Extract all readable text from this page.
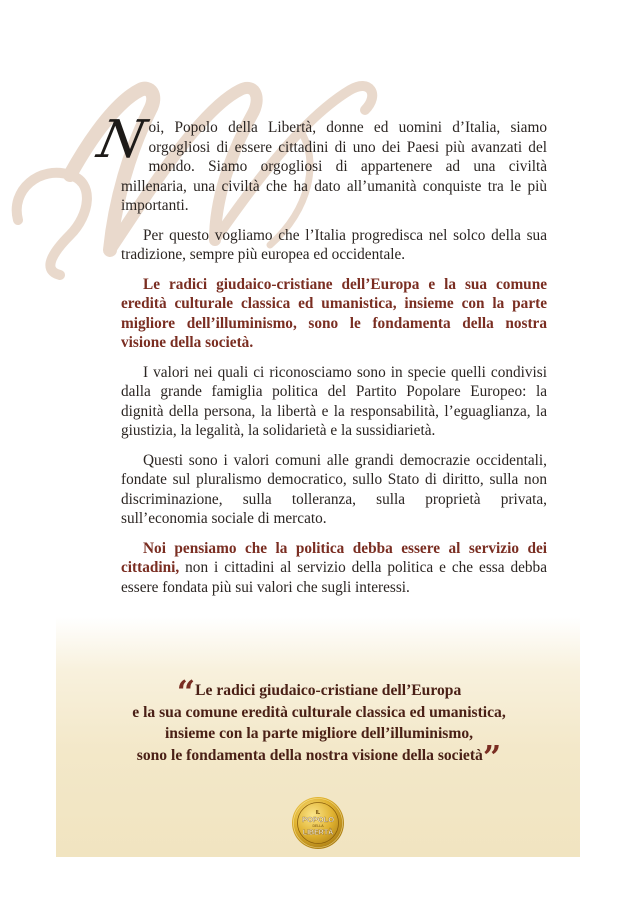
N
oi, Popolo della Libertà, donne ed uomini d’Italia, siamo orgogliosi di essere cittadini di uno dei Paesi più avanzati del mondo. Siamo orgogliosi di appartenere ad una civiltà millenaria, una civiltà che ha dato all’umanità conquiste tra le più importanti.

Per questo vogliamo che l’Italia progredisca nel solco della sua tradizione, sempre più europea ed occidentale.

Le radici giudaico-cristiane dell’Europa e la sua comune eredità culturale classica ed umanistica, insieme con la parte migliore dell’illuminismo, sono le fondamenta della nostra visione della società.

I valori nei quali ci riconosciamo sono in specie quelli condivisi dalla grande famiglia politica del Partito Popolare Europeo: la dignità della persona, la libertà e la responsabilità, l’eguaglianza, la giustizia, la legalità, la solidarietà e la sussidiarietà.

Questi sono i valori comuni alle grandi democrazie occidentali, fondate sul pluralismo democratico, sullo Stato di diritto, sulla non discriminazione, sulla tolleranza, sulla proprietà privata, sull’economia sociale di mercato.

Noi pensiamo che la politica debba essere al servizio dei cittadini, non i cittadini al servizio della politica e che essa debba essere fondata più sui valori che sugli interessi.

“Le radici giudaico-cristiane dell’Europa
e la sua comune eredità culturale classica ed umanistica,
insieme con la parte migliore dell’illuminismo,
sono le fondamenta della nostra visione della società”
IL
POPOLO
DELLA
LIBERTÀ
